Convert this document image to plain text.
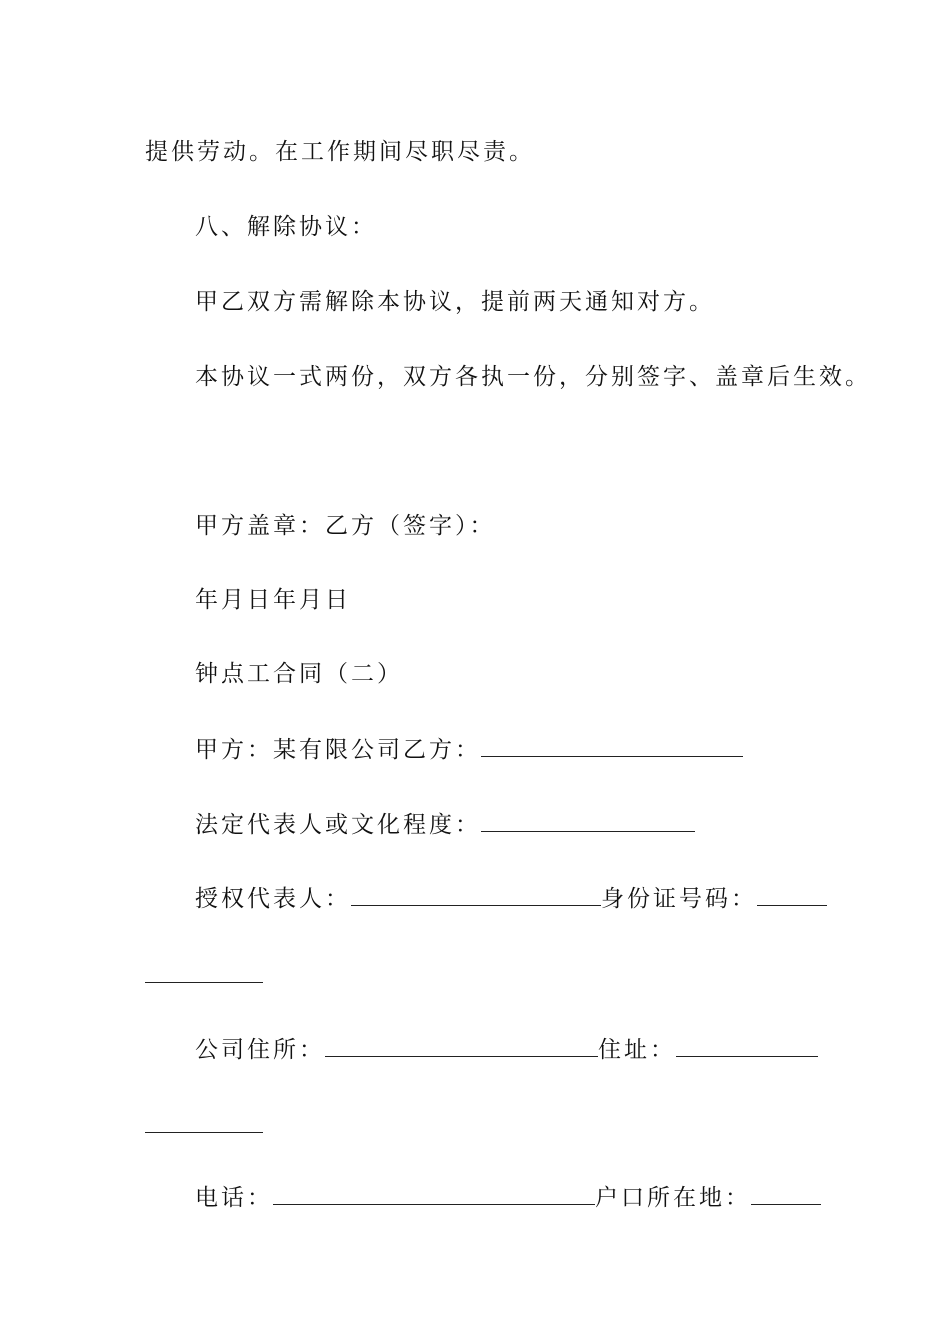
提供劳动。在工作期间尽职尽责。
八、解除协议：
甲乙双方需解除本协议，提前两天通知对方。
本协议一式两份，双方各执一份，分别签字、盖章后生效。
甲方盖章：乙方（签字）：
年月日年月日
钟点工合同（二）
甲方：某有限公司乙方：
法定代表人或文化程度：
授权代表人：	身份证号码：
公司住所：	住址：
电话：	户口所在地：
